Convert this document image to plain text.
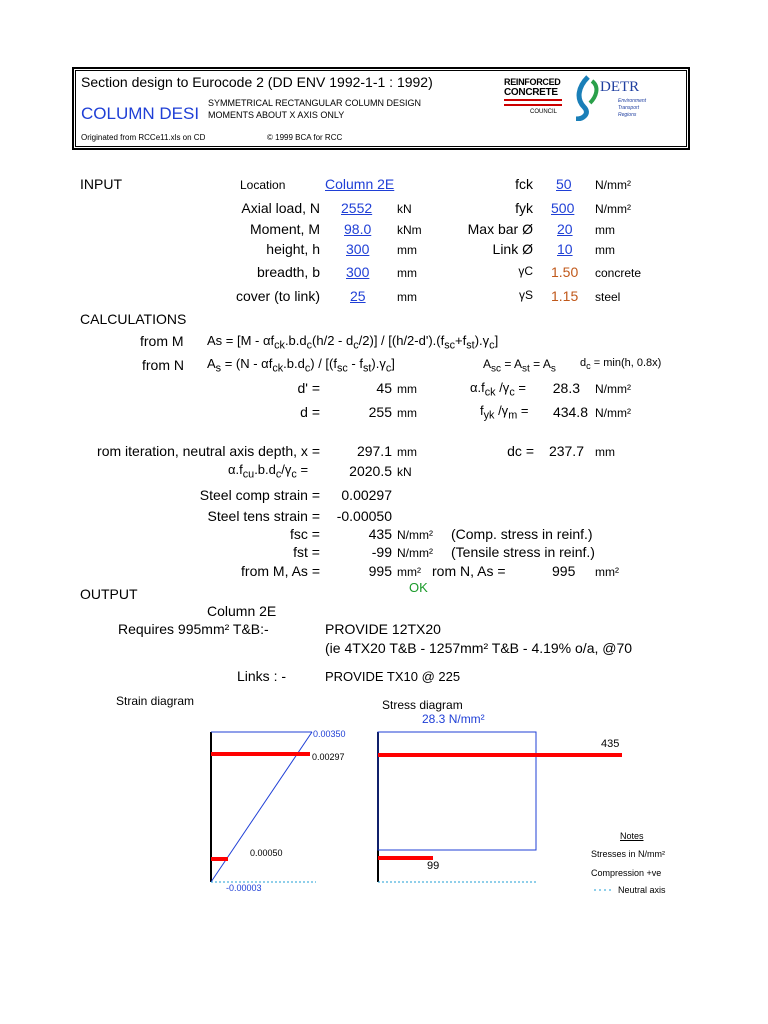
Section design to Eurocode 2 (DD ENV 1992-1-1 : 1992)
COLUMN DESI
SYMMETRICAL RECTANGULAR COLUMN DESIGN
MOMENTS ABOUT X AXIS ONLY
Originated from RCCe11.xls on CD	© 1999 BCA for RCC
REINFORCED
CONCRETE
COUNCIL
DETR
Environment
Transport
Regions
INPUT	Location	Column 2E
Axial load, N 2552 kN
Moment, M 98.0 kNm
height, h 300 mm
breadth, b 300 mm
cover (to link) 25	mm
fck 50 N/mm²
fyk 500 N/mm²
Max bar Ø 20 mm
Link Ø 10 mm
γC 1.50 concrete
γS 1.15 steel
CALCULATIONS
from M $As = [M - \alpha f_{ck}.b.d_c(h/2 - d_c/2)] / [(h/2-d').(f_{sc}+f_{st}).\gamma_c]$
from N $A_s = (N - \alpha f_{ck}.b.d_c) / [(f_{sc} - f_{st}).\gamma_c]$	$A_{sc} = A_{st} = A_s$ $d_c = \min(h$, 0.8x)
d' =	45 mm	$\alpha.f_{ck}$ $/\gamma_c$ =	28.3 N/mm²
d =	255 mm	$f_{yk}$ $/\gamma_m$ =	434.8 N/mm²
rom iteration, neutral axis depth, x =	297.1 mm	dc =	237.7 mm
$\alpha.f_{cu}.b.d_c/\gamma_c$ =	2020.5 kN
Steel comp strain =	0.00297
Steel tens strain =	-0.00050
fsc =	435 N/mm² (Comp. stress in reinf.)
fst =	-99 N/mm² (Tensile stress in reinf.)
from M, As =	995 mm² rom N, As =	995 mm²
OK
OUTPUT
Column 2E
Requires 995mm² T&B:-	PROVIDE 12TX20
(ie 4TX20 T&B - 1257mm² T&B - 4.19% o/a, @70
Links : -	PROVIDE TX10 @ 225
Strain diagram	Stress diagram
28.3 N/mm²
0.00350
0.00297
0.00050
-0.00003
435
99
Notes
Stresses in N/mm²
Compression +ve
Neutral axis
